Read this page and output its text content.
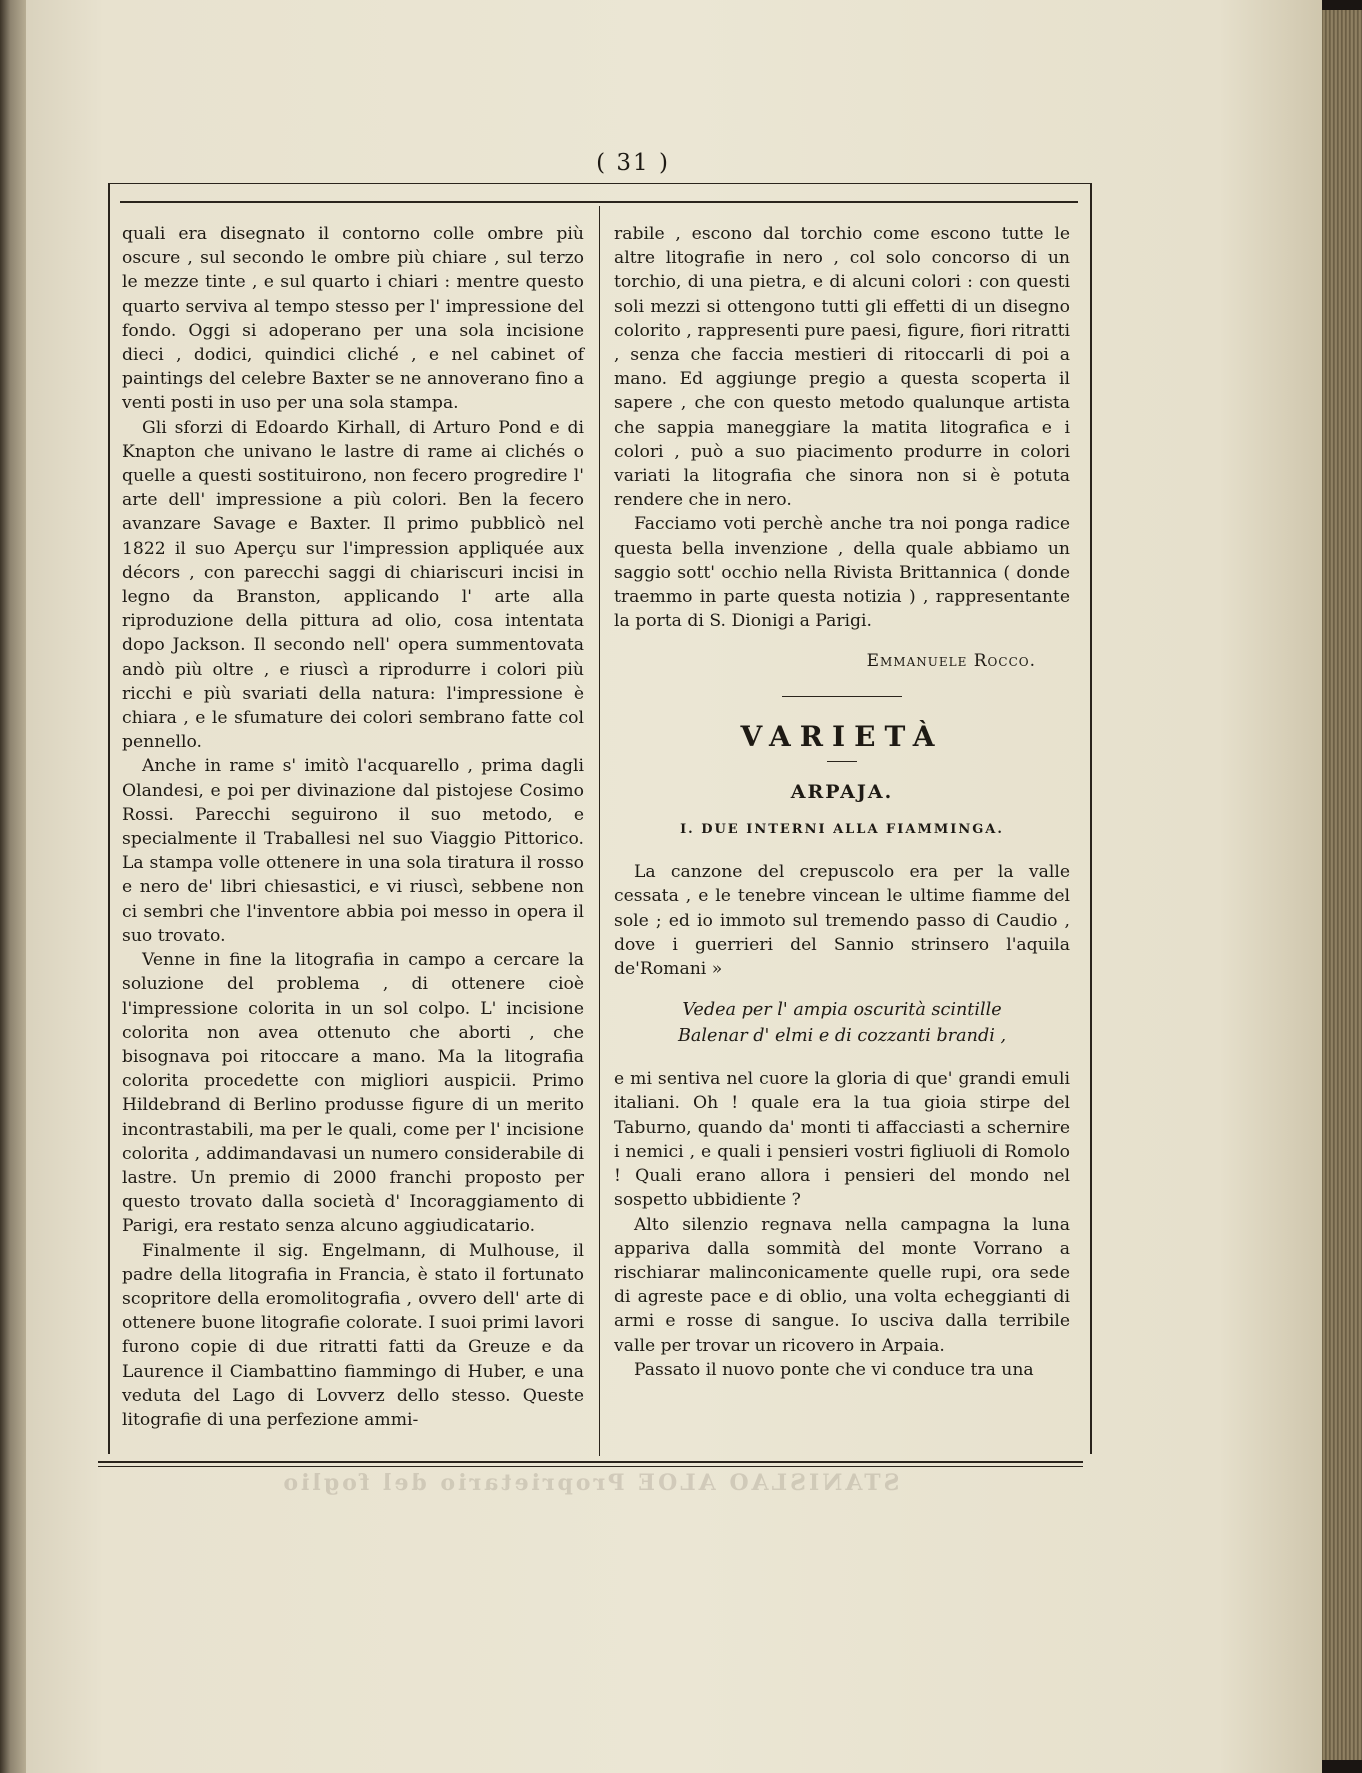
( 31 )

quali era disegnato il contorno colle ombre più oscure , sul secondo le ombre più chiare , sul terzo le mezze tinte , e sul quarto i chiari : mentre questo quarto serviva al tempo stesso per l' impressione del fondo. Oggi si adoperano per una sola incisione dieci , dodici, quindici cliché , e nel cabinet of paintings del celebre Baxter se ne annoverano fino a venti posti in uso per una sola stampa.

Gli sforzi di Edoardo Kirhall, di Arturo Pond e di Knapton che univano le lastre di rame ai clichés o quelle a questi sostituirono, non fecero progredire l' arte dell' impressione a più colori. Ben la fecero avanzare Savage e Baxter. Il primo pubblicò nel 1822 il suo Aperçu sur l'impression appliquée aux décors , con parecchi saggi di chiariscuri incisi in legno da Branston, applicando l' arte alla riproduzione della pittura ad olio, cosa intentata dopo Jackson. Il secondo nell' opera summentovata andò più oltre , e riuscì a riprodurre i colori più ricchi e più svariati della natura: l'impressione è chiara , e le sfumature dei colori sembrano fatte col pennello.

Anche in rame s' imitò l'acquarello , prima dagli Olandesi, e poi per divinazione dal pistojese Cosimo Rossi. Parecchi seguirono il suo metodo, e specialmente il Traballesi nel suo Viaggio Pittorico. La stampa volle ottenere in una sola tiratura il rosso e nero de' libri chiesastici, e vi riuscì, sebbene non ci sembri che l'inventore abbia poi messo in opera il suo trovato.

Venne in fine la litografia in campo a cercare la soluzione del problema , di ottenere cioè l'impressione colorita in un sol colpo. L' incisione colorita non avea ottenuto che aborti , che bisognava poi ritoccare a mano. Ma la litografia colorita procedette con migliori auspicii. Primo Hildebrand di Berlino produsse figure di un merito incontrastabili, ma per le quali, come per l' incisione colorita , addimandavasi un numero considerabile di lastre. Un premio di 2000 franchi proposto per questo trovato dalla società d' Incoraggiamento di Parigi, era restato senza alcuno aggiudicatario.

Finalmente il sig. Engelmann, di Mulhouse, il padre della litografia in Francia, è stato il fortunato scopritore della eromolitografia , ovvero dell' arte di ottenere buone litografie colorate. I suoi primi lavori furono copie di due ritratti fatti da Greuze e da Laurence il Ciambattino fiammingo di Huber, e una veduta del Lago di Lovverz dello stesso. Queste litografie di una perfezione ammi-

rabile , escono dal torchio come escono tutte le altre litografie in nero , col solo concorso di un torchio, di una pietra, e di alcuni colori : con questi soli mezzi si ottengono tutti gli effetti di un disegno colorito , rappresenti pure paesi, figure, fiori ritratti , senza che faccia mestieri di ritoccarli di poi a mano. Ed aggiunge pregio a questa scoperta il sapere , che con questo metodo qualunque artista che sappia maneggiare la matita litografica e i colori , può a suo piacimento produrre in colori variati la litografia che sinora non si è potuta rendere che in nero.

Facciamo voti perchè anche tra noi ponga radice questa bella invenzione , della quale abbiamo un saggio sott' occhio nella Rivista Brittannica ( donde traemmo in parte questa notizia ) , rappresentante la porta di S. Dionigi a Parigi.

Emmanuele Rocco.
VARIETÀ
ARPAJA.
I. DUE INTERNI ALLA FIAMMINGA.

La canzone del crepuscolo era per la valle cessata , e le tenebre vincean le ultime fiamme del sole ; ed io immoto sul tremendo passo di Caudio , dove i guerrieri del Sannio strinsero l'aquila de'Romani »

Vedea per l' ampia oscurità scintille
Balenar d' elmi e di cozzanti brandi ,

e mi sentiva nel cuore la gloria di que' grandi emuli italiani. Oh ! quale era la tua gioia stirpe del Taburno, quando da' monti ti affacciasti a schernire i nemici , e quali i pensieri vostri figliuoli di Romolo ! Quali erano allora i pensieri del mondo nel sospetto ubbidiente ?

Alto silenzio regnava nella campagna la luna appariva dalla sommità del monte Vorrano a rischiarar malinconicamente quelle rupi, ora sede di agreste pace e di oblio, una volta echeggianti di armi e rosse di sangue. Io usciva dalla terribile valle per trovar un ricovero in Arpaia.

Passato il nuovo ponte che vi conduce tra una

STANISLAO ALOE Proprietario del foglio
